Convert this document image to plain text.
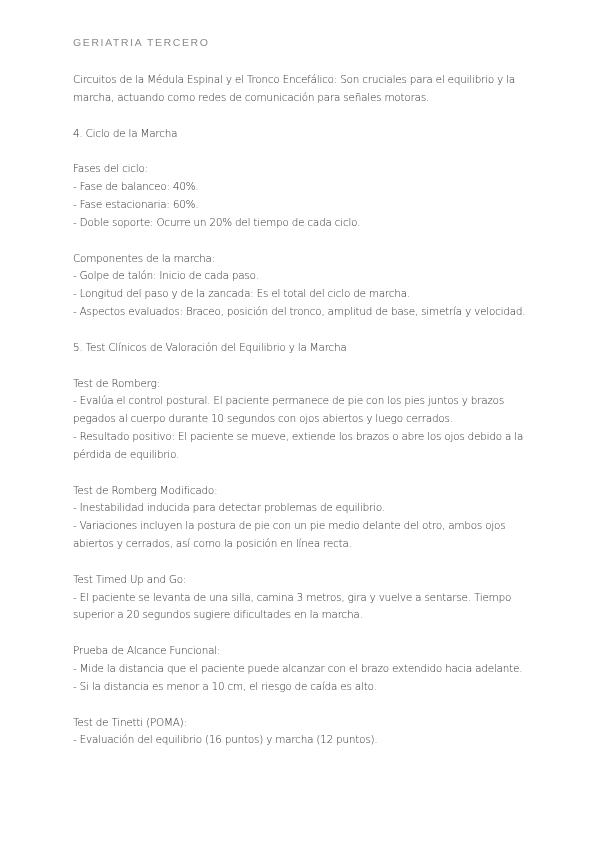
GERIATRIA TERCERO
Circuitos de la Médula Espinal y el Tronco Encefálico: Son cruciales para el equilibrio y la
marcha, actuando como redes de comunicación para señales motoras.
4. Ciclo de la Marcha
Fases del ciclo:
- Fase de balanceo: 40%.
- Fase estacionaria: 60%.
- Doble soporte: Ocurre un 20% del tiempo de cada ciclo.
Componentes de la marcha:
- Golpe de talón: Inicio de cada paso.
- Longitud del paso y de la zancada: Es el total del ciclo de marcha.
- Aspectos evaluados: Braceo, posición del tronco, amplitud de base, simetría y velocidad.
5. Test Clínicos de Valoración del Equilibrio y la Marcha
Test de Romberg:
- Evalúa el control postural. El paciente permanece de pie con los pies juntos y brazos
pegados al cuerpo durante 10 segundos con ojos abiertos y luego cerrados.
- Resultado positivo: El paciente se mueve, extiende los brazos o abre los ojos debido a la
pérdida de equilibrio.
Test de Romberg Modificado:
- Inestabilidad inducida para detectar problemas de equilibrio.
- Variaciones incluyen la postura de pie con un pie medio delante del otro, ambos ojos
abiertos y cerrados, así como la posición en línea recta.
Test Timed Up and Go:
- El paciente se levanta de una silla, camina 3 metros, gira y vuelve a sentarse. Tiempo
superior a 20 segundos sugiere dificultades en la marcha.
Prueba de Alcance Funcional:
- Mide la distancia que el paciente puede alcanzar con el brazo extendido hacia adelante.
- Si la distancia es menor a 10 cm, el riesgo de caída es alto.
Test de Tinetti (POMA):
- Evaluación del equilibrio (16 puntos) y marcha (12 puntos).
